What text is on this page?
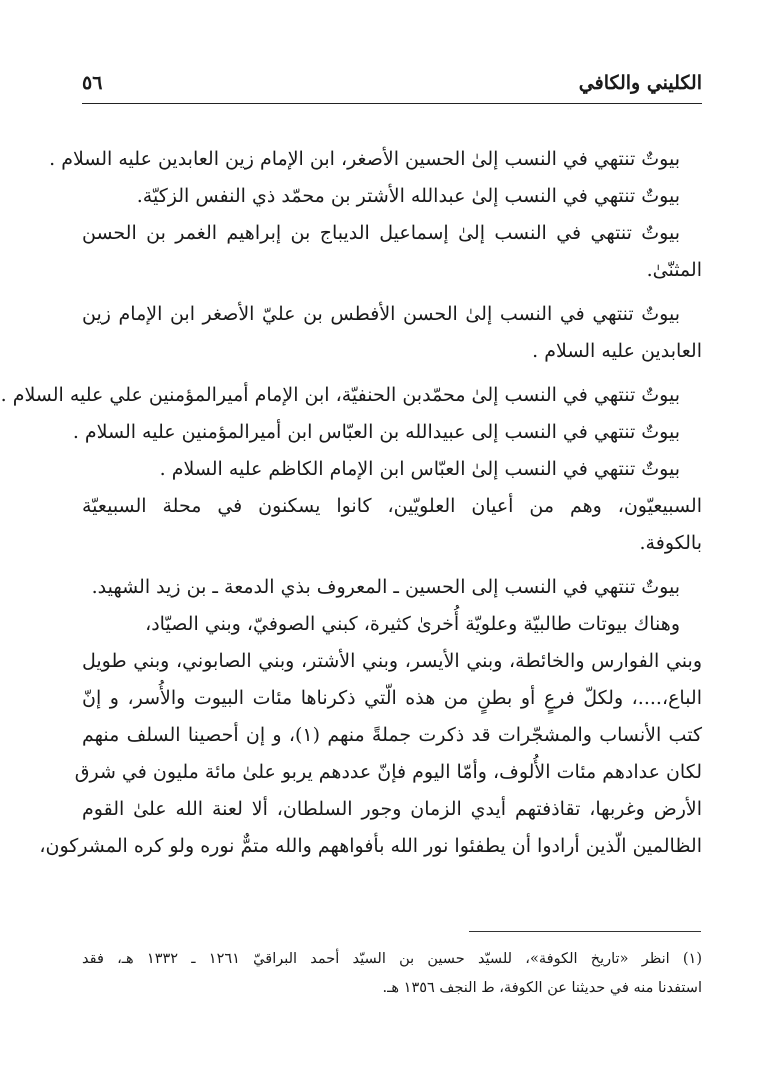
الكليني والكافي
٥٦
بيوتٌ تنتهي في النسب إلىٰ الحسين الأصغر، ابن الإمام زين العابدين عليه السلام .
بيوتٌ تنتهي في النسب إلىٰ عبدالله الأشتر بن محمّد ذي النفس الزكيّة.
بيوتٌ تنتهي في النسب إلىٰ إسماعيل الديباج بن إبراهيم الغمر بن الحسن
المثنّىٰ.
بيوتٌ تنتهي في النسب إلىٰ الحسن الأفطس بن عليّ الأصغر ابن الإمام زين
العابدين عليه السلام .
بيوتٌ تنتهي في النسب إلىٰ محمّدبن الحنفيّة، ابن الإمام أميرالمؤمنين علي عليه السلام .
بيوتٌ تنتهي في النسب إلى عبيدالله بن العبّاس ابن أميرالمؤمنين عليه السلام .
بيوتٌ تنتهي في النسب إلىٰ العبّاس ابن الإمام الكاظم عليه السلام .
السبيعيّون، وهم من أعيان العلويّين، كانوا يسكنون في محلة السبيعيّة
بالكوفة.
بيوتٌ تنتهي في النسب إلى الحسين ـ المعروف بذي الدمعة ـ بن زيد الشهيد.
وهناك بيوتات طالبيّة وعلويّة أُخرىٰ كثيرة، كبني الصوفيّ، وبني الصيّاد،
وبني الفوارس والخائطة، وبني الأيسر، وبني الأشتر، وبني الصابوني، وبني طويل
الباع،....، ولكلّ فرعٍ أو بطنٍ من هذه الّتي ذكرناها مئات البيوت والأُسر، و إنّ
كتب الأنساب والمشجّرات قد ذكرت جملةً منهم (١)، و إن أحصينا السلف منهم
لكان عدادهم مئات الأُلوف، وأمّا اليوم فإنّ عددهم يربو علىٰ مائة مليون في شرق
الأرض وغربها، تقاذفتهم أيدي الزمان وجور السلطان، ألا لعنة الله علىٰ القوم
الظالمين الّذين أرادوا أن يطفئوا نور الله بأفواههم والله متمٌّ نوره ولو كره المشركون،
(١) انظر «تاريخ الكوفة»، للسيّد حسين بن السيّد أحمد البراقيّ ١٢٦١ ـ ١٣٣٢ هـ، فقد
استفدنا منه في حديثنا عن الكوفة، ط النجف ١٣٥٦ هـ.
